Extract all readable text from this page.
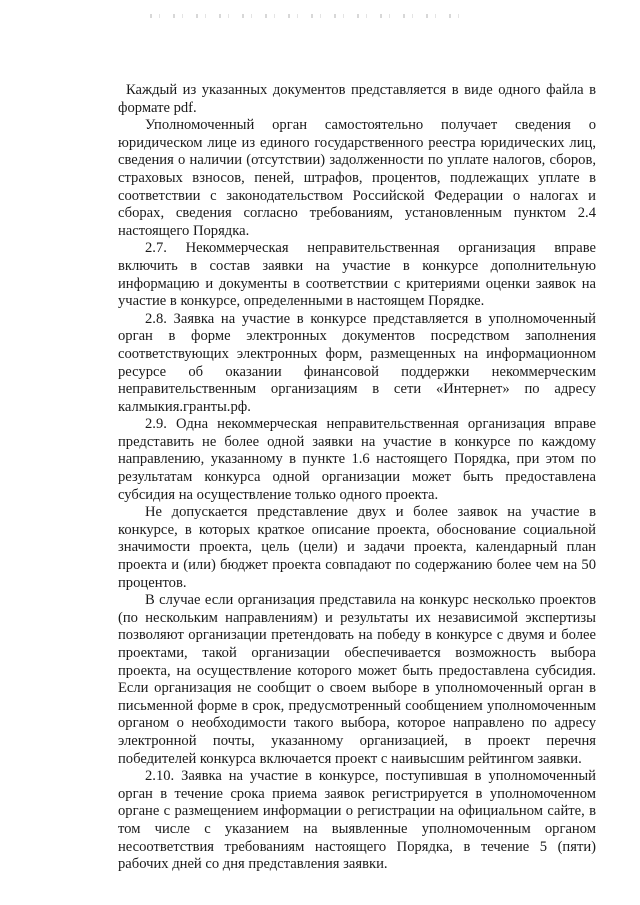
Каждый из указанных документов представляется в виде одного файла в формате pdf.

Уполномоченный орган самостоятельно получает сведения о юридическом лице из единого государственного реестра юридических лиц, сведения о наличии (отсутствии) задолженности по уплате налогов, сборов, страховых взносов, пеней, штрафов, процентов, подлежащих уплате в соответствии с законодательством Российской Федерации о налогах и сборах, сведения согласно требованиям, установленным пунктом 2.4 настоящего Порядка.

2.7. Некоммерческая неправительственная организация вправе включить в состав заявки на участие в конкурсе дополнительную информацию и документы в соответствии с критериями оценки заявок на участие в конкурсе, определенными в настоящем Порядке.

2.8. Заявка на участие в конкурсе представляется в уполномоченный орган в форме электронных документов посредством заполнения соответствующих электронных форм, размещенных на информационном ресурсе об оказании финансовой поддержки некоммерческим неправительственным организациям в сети «Интернет» по адресу калмыкия.гранты.рф.

2.9. Одна некоммерческая неправительственная организация вправе представить не более одной заявки на участие в конкурсе по каждому направлению, указанному в пункте 1.6 настоящего Порядка, при этом по результатам конкурса одной организации может быть предоставлена субсидия на осуществление только одного проекта.

Не допускается представление двух и более заявок на участие в конкурсе, в которых краткое описание проекта, обоснование социальной значимости проекта, цель (цели) и задачи проекта, календарный план проекта и (или) бюджет проекта совпадают по содержанию более чем на 50 процентов.

В случае если организация представила на конкурс несколько проектов (по нескольким направлениям) и результаты их независимой экспертизы позволяют организации претендовать на победу в конкурсе с двумя и более проектами, такой организации обеспечивается возможность выбора проекта, на осуществление которого может быть предоставлена субсидия. Если организация не сообщит о своем выборе в уполномоченный орган в письменной форме в срок, предусмотренный сообщением уполномоченным органом о необходимости такого выбора, которое направлено по адресу электронной почты, указанному организацией, в проект перечня победителей конкурса включается проект с наивысшим рейтингом заявки.

2.10. Заявка на участие в конкурсе, поступившая в уполномоченный орган в течение срока приема заявок регистрируется в уполномоченном органе с размещением информации о регистрации на официальном сайте, в том числе с указанием на выявленные уполномоченным органом несоответствия требованиям настоящего Порядка, в течение 5 (пяти) рабочих дней со дня представления заявки.
